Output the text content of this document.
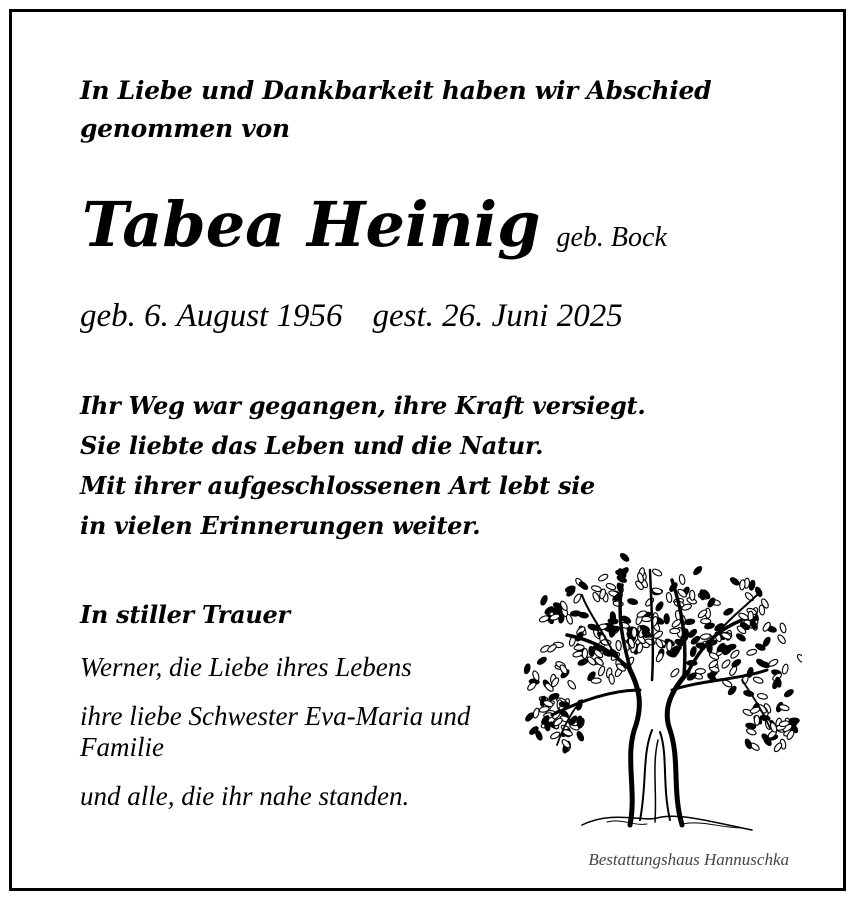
In Liebe und Dankbarkeit haben wir Abschied
genommen von
Tabea Heinig geb. Bock
geb. 6. August 1956 gest. 26. Juni 2025
Ihr Weg war gegangen, ihre Kraft versiegt.
Sie liebte das Leben und die Natur.
Mit ihrer aufgeschlossenen Art lebt sie
in vielen Erinnerungen weiter.
In stiller Trauer
Werner, die Liebe ihres Lebens
ihre liebe Schwester Eva-Maria und Familie
und alle, die ihr nahe standen.
Bestattungshaus Hannuschka
